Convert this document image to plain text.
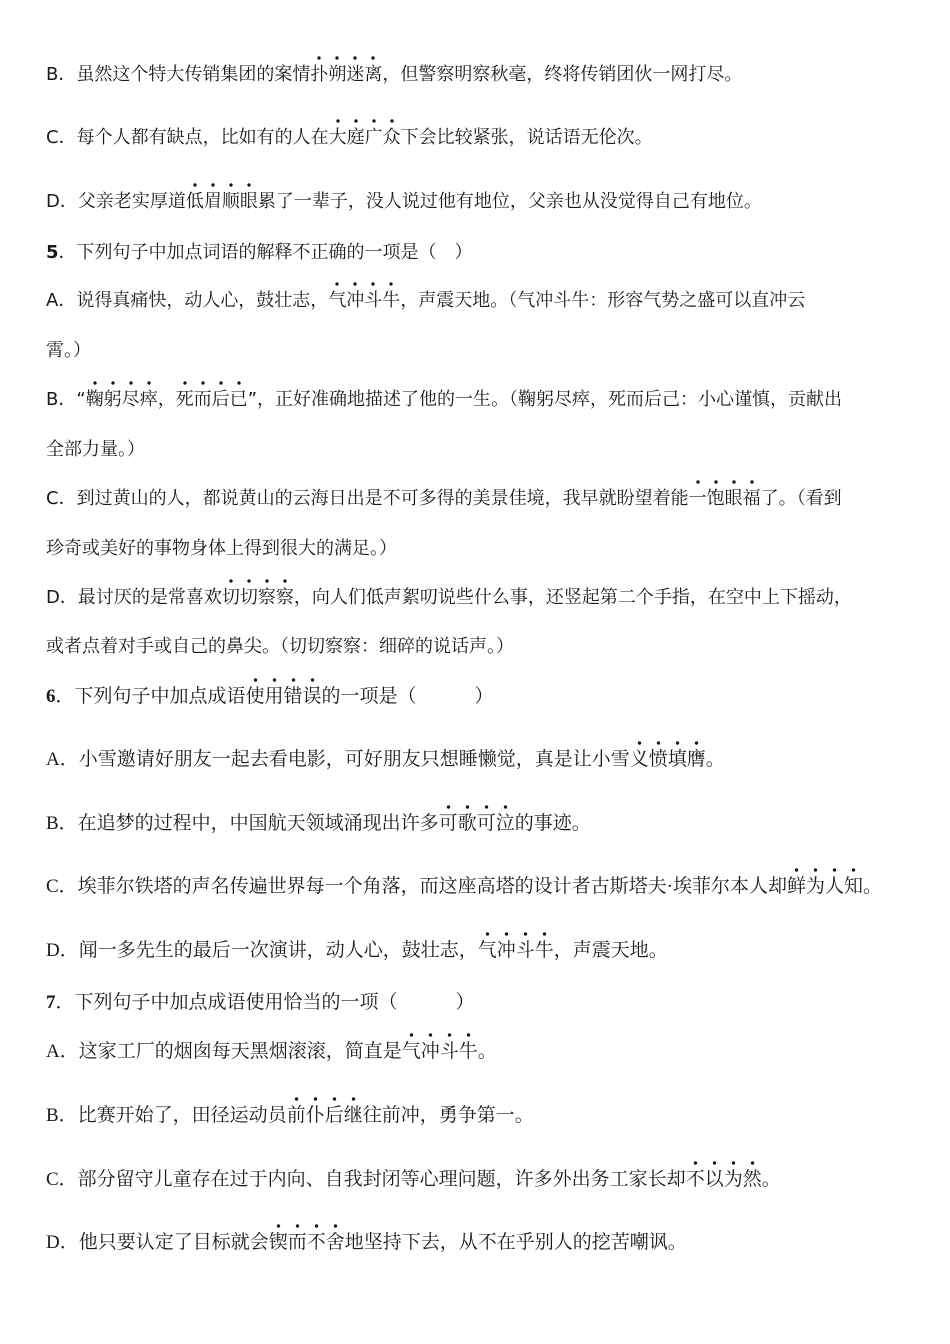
B．虽然这个特大传销集团的案情扑朔迷离，但警察明察秋毫，终将传销团伙一网打尽。
C．每个人都有缺点，比如有的人在大庭广众下会比较紧张，说话语无伦次。
D．父亲老实厚道低眉顺眼累了一辈子，没人说过他有地位，父亲也从没觉得自己有地位。
5．下列句子中加点词语的解释不正确的一项是（　）
A．说得真痛快，动人心，鼓壮志，气冲斗牛，声震天地。（气冲斗牛：形容气势之盛可以直冲云
霄。）
B．“鞠躬尽瘁，死而后已”，正好准确地描述了他的一生。（鞠躬尽瘁，死而后己：小心谨慎，贡献出
全部力量。）
C．到过黄山的人，都说黄山的云海日出是不可多得的美景佳境，我早就盼望着能一饱眼福了。（看到
珍奇或美好的事物身体上得到很大的满足。）
D．最讨厌的是常喜欢切切察察，向人们低声絮叨说些什么事，还竖起第二个手指，在空中上下摇动，
或者点着对手或自己的鼻尖。（切切察察：细碎的说话声。）
6．下列句子中加点成语使用错误的一项是（	）
A．小雪邀请好朋友一起去看电影，可好朋友只想睡懒觉，真是让小雪义愤填膺。
B．在追梦的过程中，中国航天领域涌现出许多可歌可泣的事迹。
C．埃菲尔铁塔的声名传遍世界每一个角落，而这座高塔的设计者古斯塔夫·埃菲尔本人却鲜为人知。
D．闻一多先生的最后一次演讲，动人心，鼓壮志，气冲斗牛，声震天地。
7．下列句子中加点成语使用恰当的一项（	）
A．这家工厂的烟囱每天黑烟滚滚，简直是气冲斗牛。
B．比赛开始了，田径运动员前仆后继往前冲，勇争第一。
C．部分留守儿童存在过于内向、自我封闭等心理问题，许多外出务工家长却不以为然。
D．他只要认定了目标就会锲而不舍地坚持下去，从不在乎别人的挖苦嘲讽。
